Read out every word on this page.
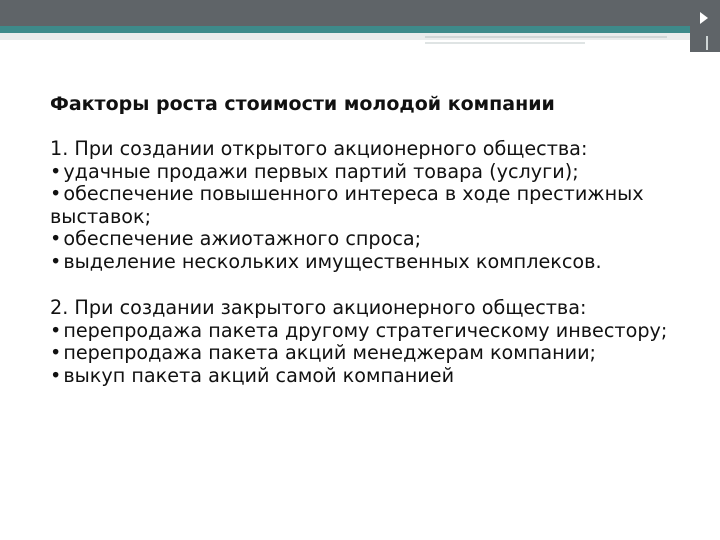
Факторы роста стоимости молодой компании
1. При создании открытого акционерного общества:
• удачные продажи первых партий товара (услуги);
• обеспечение повышенного интереса в ходе престижных выставок;
• обеспечение ажиотажного спроса;
• выделение нескольких имущественных комплексов.
2. При создании закрытого акционерного общества:
• перепродажа пакета другому стратегическому инвестору;
• перепродажа пакета акций менеджерам компании;
• выкуп пакета акций самой компанией
